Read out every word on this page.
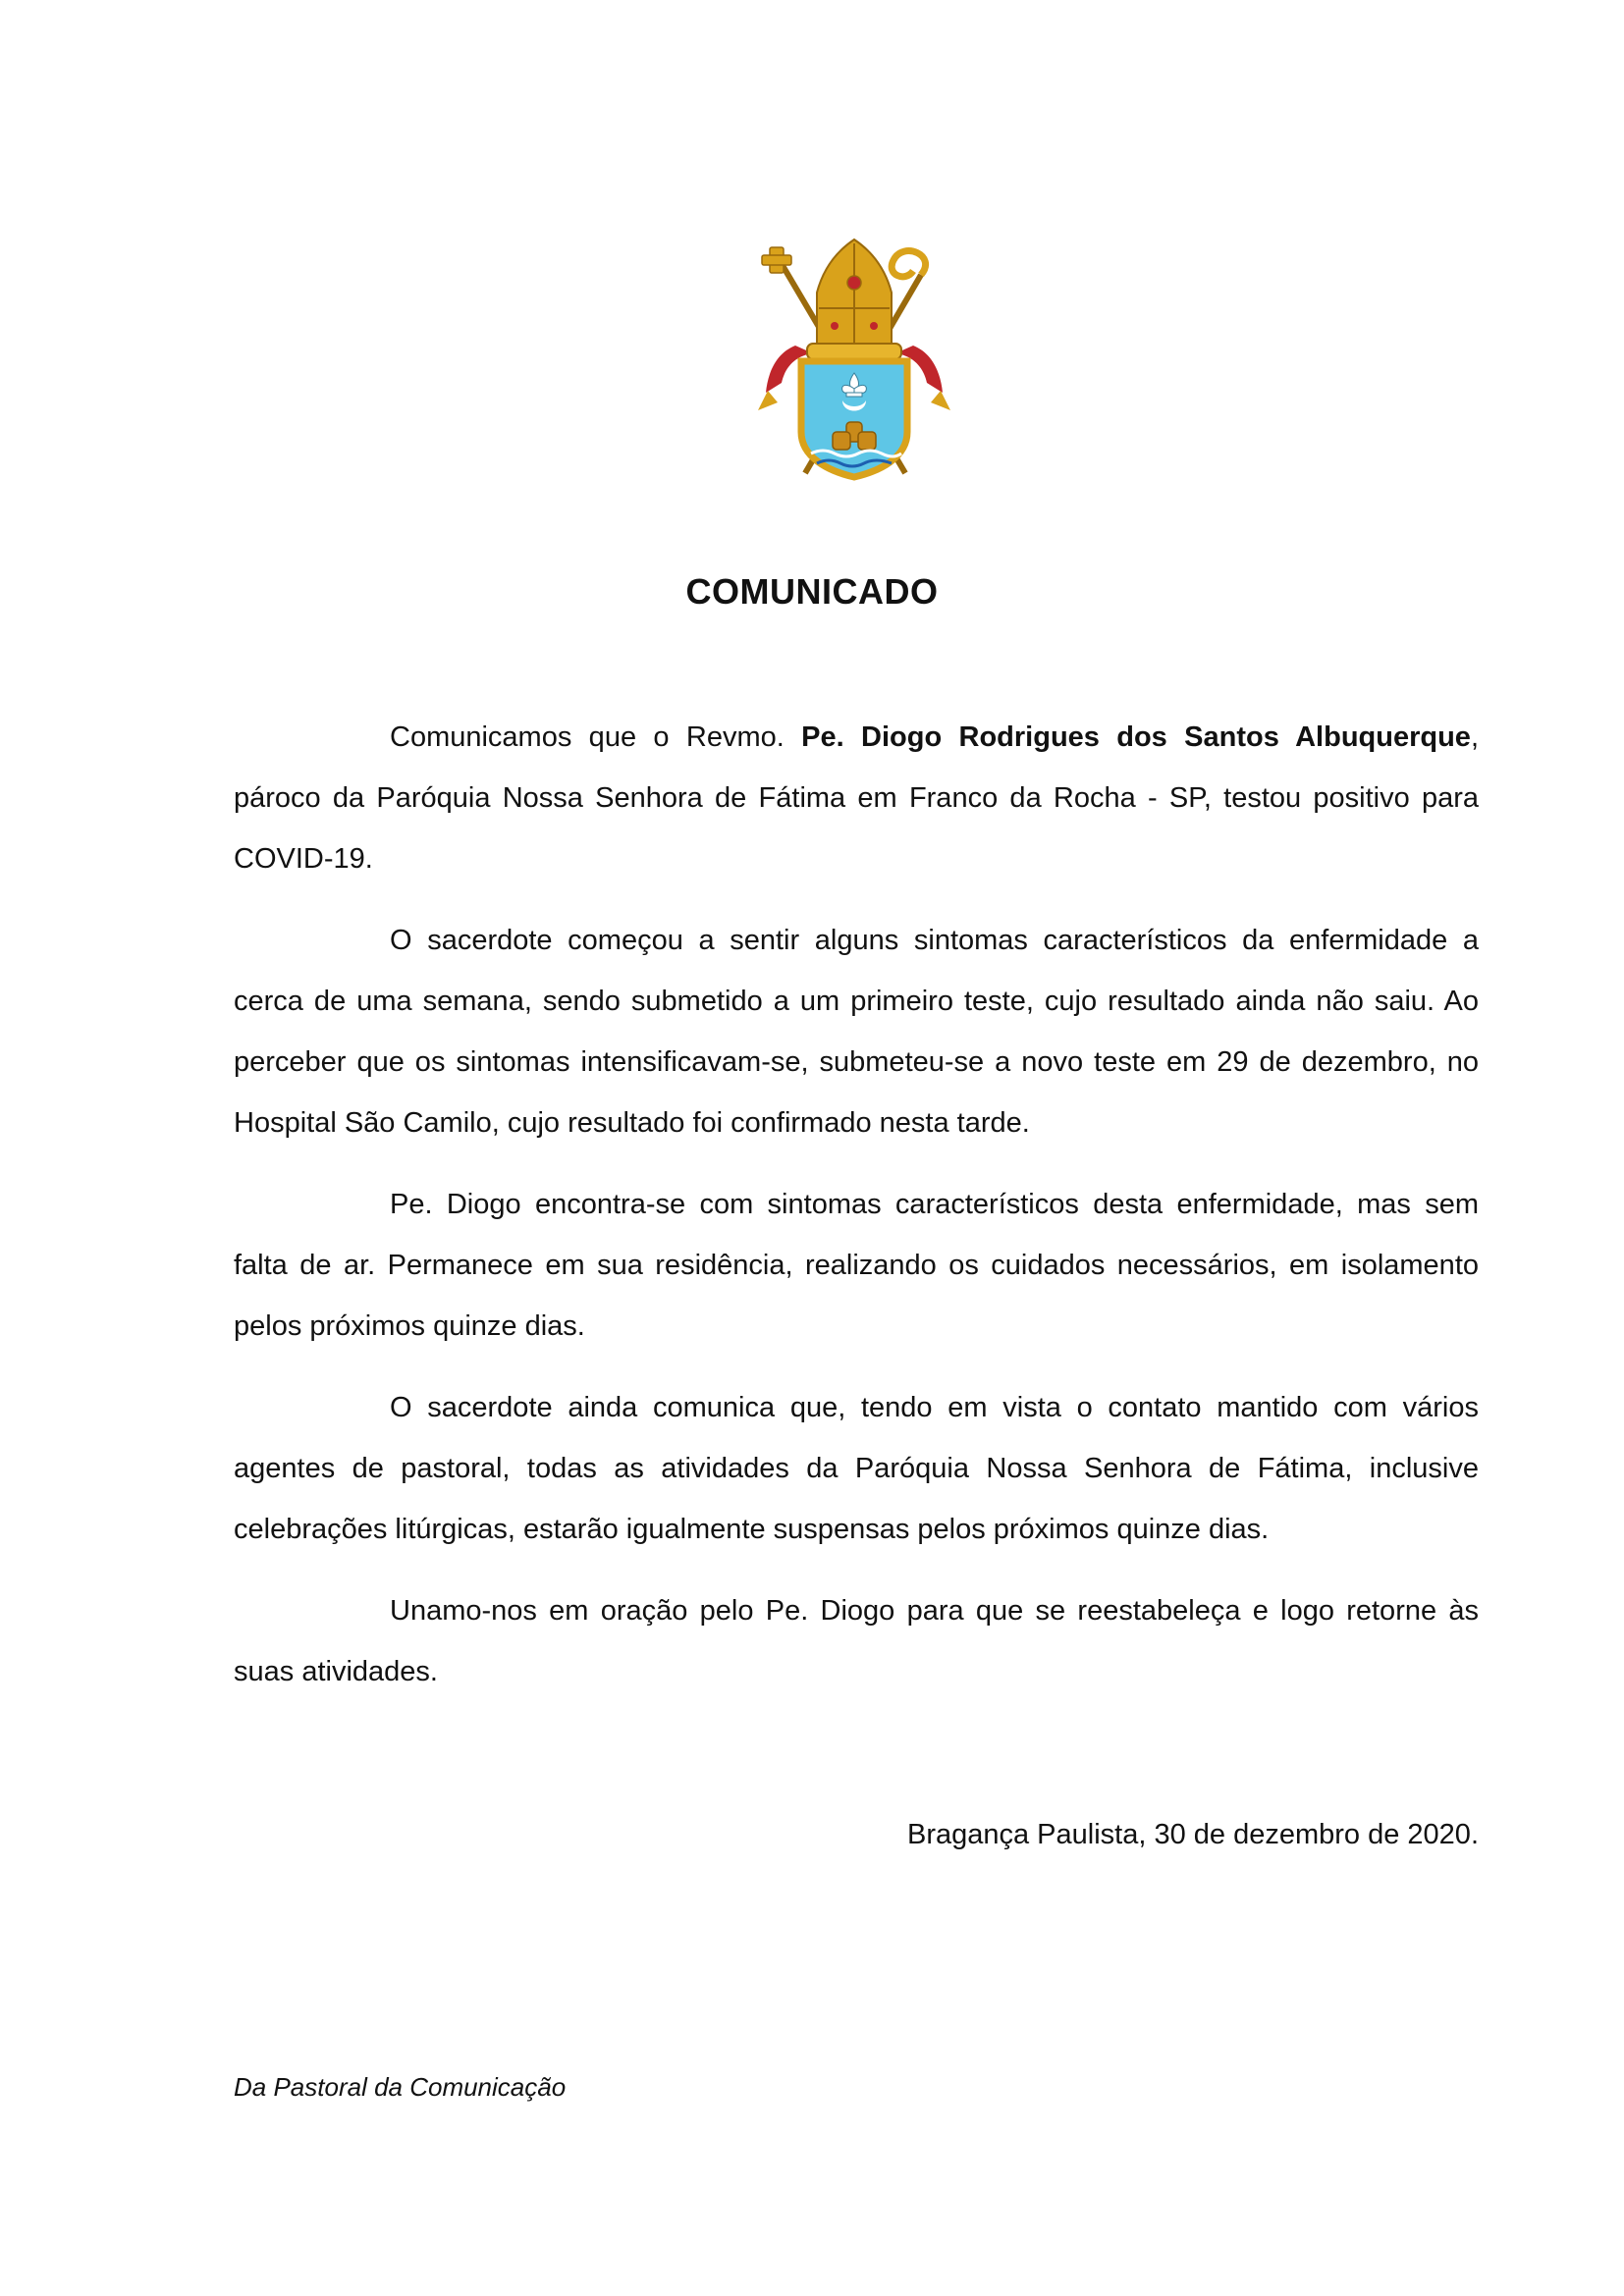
COMUNICADO

Comunicamos que o Revmo. Pe. Diogo Rodrigues dos Santos Albuquerque, pároco da Paróquia Nossa Senhora de Fátima em Franco da Rocha - SP, testou positivo para COVID-19.

O sacerdote começou a sentir alguns sintomas característicos da enfermidade a cerca de uma semana, sendo submetido a um primeiro teste, cujo resultado ainda não saiu. Ao perceber que os sintomas intensificavam-se, submeteu-se a novo teste em 29 de dezembro, no Hospital São Camilo, cujo resultado foi confirmado nesta tarde.

Pe. Diogo encontra-se com sintomas característicos desta enfermidade, mas sem falta de ar. Permanece em sua residência, realizando os cuidados necessários, em isolamento pelos próximos quinze dias.

O sacerdote ainda comunica que, tendo em vista o contato mantido com vários agentes de pastoral, todas as atividades da Paróquia Nossa Senhora de Fátima, inclusive celebrações litúrgicas, estarão igualmente suspensas pelos próximos quinze dias.

Unamo-nos em oração pelo Pe. Diogo para que se reestabeleça e logo retorne às suas atividades.

Bragança Paulista, 30 de dezembro de 2020.
Da Pastoral da Comunicação
